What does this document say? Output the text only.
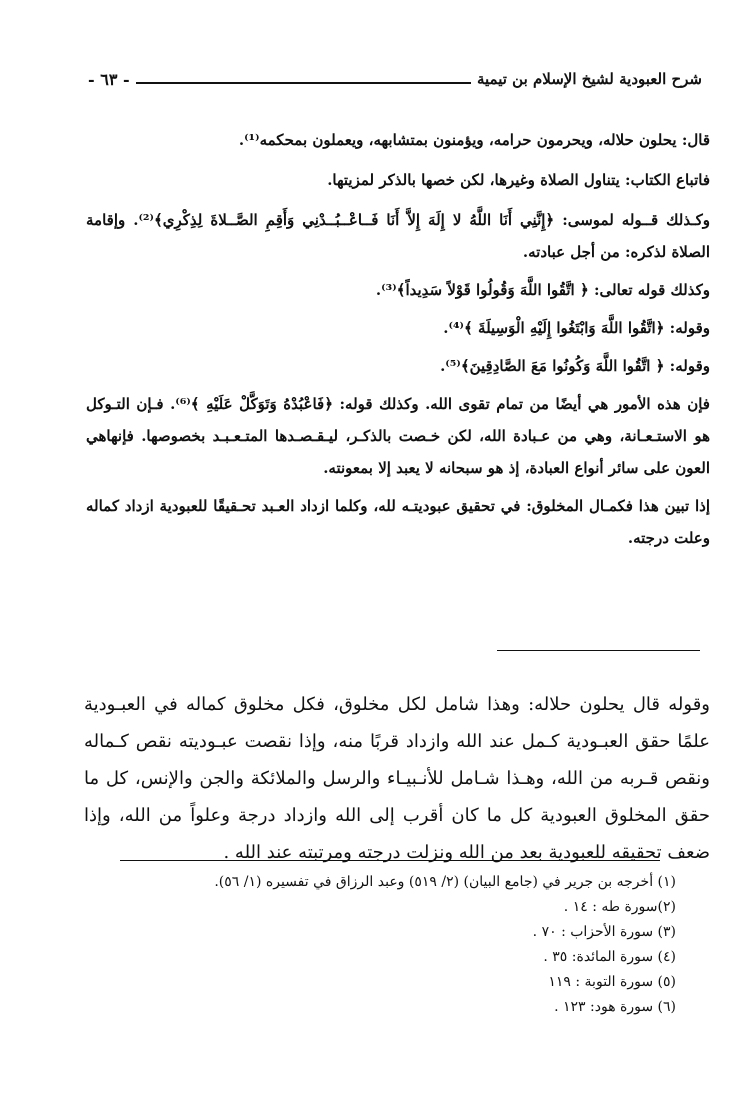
شرح العبودية لشيخ الإسلام بن تيمية
- ٦٣ -

قال: يحلون حلاله، ويحرمون حرامه، ويؤمنون بمتشابهه، ويعملون بمحكمه⁽¹⁾.

فاتباع الكتاب: يتناول الصلاة وغيرها، لكن خصها بالذكر لمزيتها.

وكـذلك قــوله لموسى: ﴿إِنَّنِي أَنَا اللَّهُ لا إِلَهَ إِلاَّ أَنَا فَــاعْــبُــدْنِي وَأَقِمِ الصَّــلاةَ لِذِكْرِي﴾⁽²⁾. وإقامة الصلاة لذكره: من أجل عبادته.

وكذلك قوله تعالى: ﴿ اتَّقُوا اللَّهَ وَقُولُوا قَوْلاً سَدِيداً﴾⁽³⁾.

وقوله: ﴿اتَّقُوا اللَّهَ وَابْتَغُوا إِلَيْهِ الْوَسِيلَةَ ﴾⁽⁴⁾.

وقوله: ﴿ اتَّقُوا اللَّهَ وَكُونُوا مَعَ الصَّادِقِينَ﴾⁽⁵⁾.

فإن هذه الأمور هي أيضًا من تمام تقوى الله. وكذلك قوله: ﴿فَاعْبُدْهُ وَتَوَكَّلْ عَلَيْهِ ﴾⁽⁶⁾. فـإن التـوكل هو الاستـعـانة، وهي من عـبادة الله، لكن خـصت بالذكـر، ليـقـصـدها المتـعـبـد بخصوصها. فإنهاهي العون على سائر أنواع العبادة، إذ هو سبحانه لا يعبد إلا بمعونته.

إذا تبين هذا فكمـال المخلوق: في تحقيق عبوديتـه لله، وكلما ازداد العـبد تحـقيقًا للعبودية ازداد كماله وعلت درجته.

وقوله قال يحلون حلاله: وهذا شامل لكل مخلوق، فكل مخلوق كماله في العبـودية علمًا حقق العبـودية كـمل عند الله وازداد قربًا منه، وإذا نقصت عبـوديته نقص كـماله ونقص قـربه من الله، وهـذا شـامل للأنـبيـاء والرسل والملائكة والجن والإنس، كل ما حقق المخلوق العبودية كل ما كان أقرب إلى الله وازداد درجة وعلواً من الله، وإذا ضعف تحقيقه للعبودية بعد من الله ونزلت درجته ومرتبته عند الله .

(١) أخرجه بن جرير في (جامع البيان) (٢/ ٥١٩) وعبد الرزاق في تفسيره (١/ ٥٦).

(٢)سورة طه : ١٤ .

(٣) سورة الأحزاب : ٧٠ .

(٤) سورة المائدة: ٣٥ .

(٥) سورة التوبة : ١١٩

(٦) سورة هود: ١٢٣ .
